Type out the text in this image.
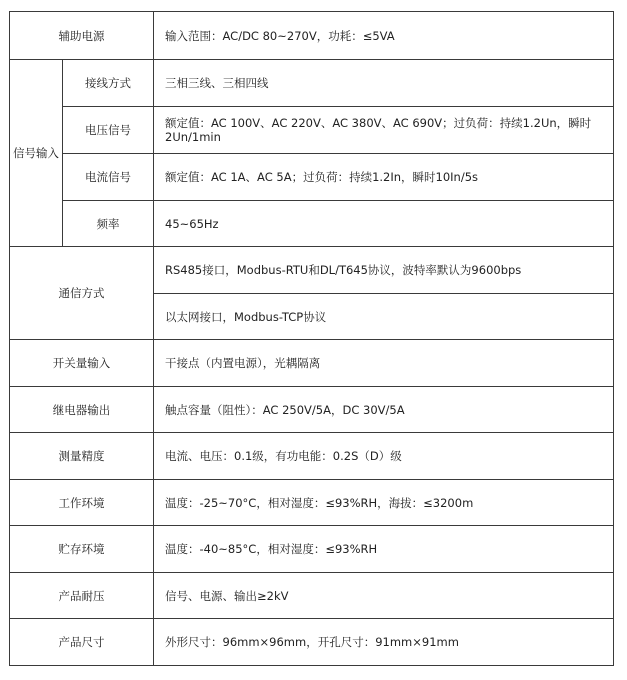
辅助电源		输入范围：AC/DC 80~270V，功耗：≤5VA
信号输入	接线方式	三相三线、三相四线
	电压信号	额定值：AC 100V、AC 220V、AC 380V、AC 690V；过负荷：持续1.2Un，瞬时2Un/1min
	电流信号	额定值：AC 1A、AC 5A；过负荷：持续1.2In，瞬时10In/5s
	频率	45~65Hz
通信方式		RS485接口，Modbus-RTU和DL/T645协议，波特率默认为9600bps
		以太网接口，Modbus-TCP协议
开关量输入		干接点（内置电源），光耦隔离
继电器输出		触点容量（阻性）：AC 250V/5A，DC 30V/5A
测量精度		电流、电压：0.1级，有功电能：0.2S（D）级
工作环境		温度：-25~70°C，相对湿度：≤93%RH，海拔：≤3200m
贮存环境		温度：-40~85°C，相对湿度：≤93%RH
产品耐压		信号、电源、输出≥2kV
产品尺寸		外形尺寸：96mm×96mm，开孔尺寸：91mm×91mm
